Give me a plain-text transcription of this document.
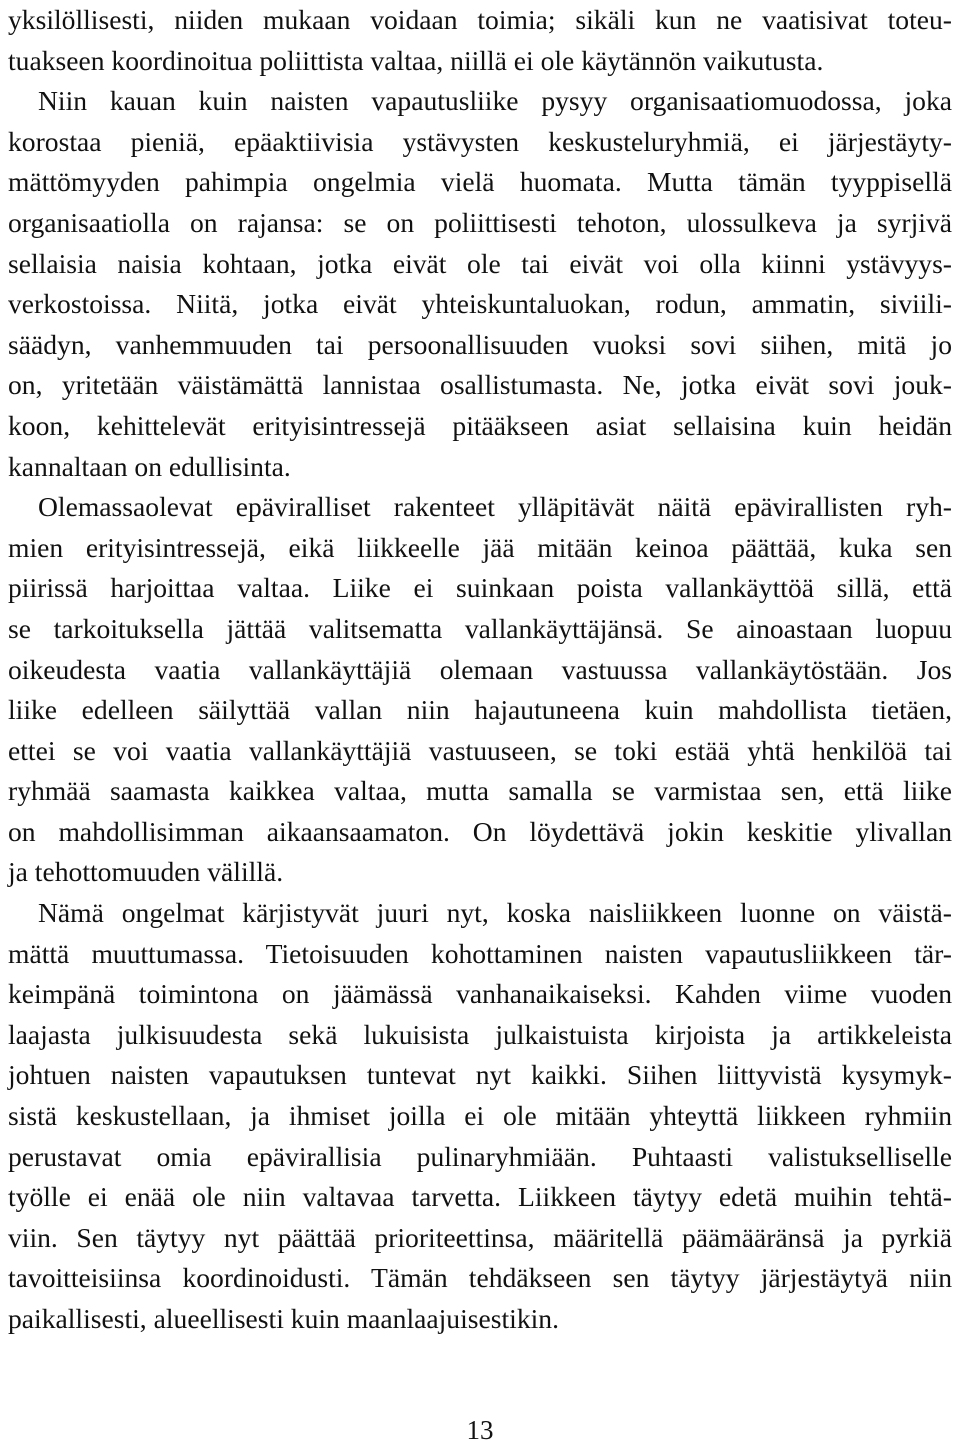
yksilöllisesti, niiden mukaan voidaan toimia; sikäli kun ne vaatisivat toteu-
tuakseen koordinoitua poliittista valtaa, niillä ei ole käytännön vaikutusta.
Niin kauan kuin naisten vapautusliike pysyy organisaatiomuodossa, joka
korostaa pieniä, epäaktiivisia ystävysten keskusteluryhmiä, ei järjestäyty-
mättömyyden pahimpia ongelmia vielä huomata. Mutta tämän tyyppisellä
organisaatiolla on rajansa: se on poliittisesti tehoton, ulossulkeva ja syrjivä
sellaisia naisia kohtaan, jotka eivät ole tai eivät voi olla kiinni ystävyys-
verkostoissa. Niitä, jotka eivät yhteiskuntaluokan, rodun, ammatin, siviili-
säädyn, vanhemmuuden tai persoonallisuuden vuoksi sovi siihen, mitä jo
on, yritetään väistämättä lannistaa osallistumasta. Ne, jotka eivät sovi jouk-
koon, kehittelevät erityisintressejä pitääkseen asiat sellaisina kuin heidän
kannaltaan on edullisinta.
Olemassaolevat epäviralliset rakenteet ylläpitävät näitä epävirallisten ryh-
mien erityisintressejä, eikä liikkeelle jää mitään keinoa päättää, kuka sen
piirissä harjoittaa valtaa. Liike ei suinkaan poista vallankäyttöä sillä, että
se tarkoituksella jättää valitsematta vallankäyttäjänsä. Se ainoastaan luopuu
oikeudesta vaatia vallankäyttäjiä olemaan vastuussa vallankäytöstään. Jos
liike edelleen säilyttää vallan niin hajautuneena kuin mahdollista tietäen,
ettei se voi vaatia vallankäyttäjiä vastuuseen, se toki estää yhtä henkilöä tai
ryhmää saamasta kaikkea valtaa, mutta samalla se varmistaa sen, että liike
on mahdollisimman aikaansaamaton. On löydettävä jokin keskitie ylivallan
ja tehottomuuden välillä.
Nämä ongelmat kärjistyvät juuri nyt, koska naisliikkeen luonne on väistä-
mättä muuttumassa. Tietoisuuden kohottaminen naisten vapautusliikkeen tär-
keimpänä toimintona on jäämässä vanhanaikaiseksi. Kahden viime vuoden
laajasta julkisuudesta sekä lukuisista julkaistuista kirjoista ja artikkeleista
johtuen naisten vapautuksen tuntevat nyt kaikki. Siihen liittyvistä kysymyk-
sistä keskustellaan, ja ihmiset joilla ei ole mitään yhteyttä liikkeen ryhmiin
perustavat omia epävirallisia pulinaryhmiään. Puhtaasti valistukselliselle
työlle ei enää ole niin valtavaa tarvetta. Liikkeen täytyy edetä muihin tehtä-
viin. Sen täytyy nyt päättää prioriteettinsa, määritellä päämääränsä ja pyrkiä
tavoitteisiinsa koordinoidusti. Tämän tehdäkseen sen täytyy järjestäytyä niin
paikallisesti, alueellisesti kuin maanlaajuisestikin.
13
